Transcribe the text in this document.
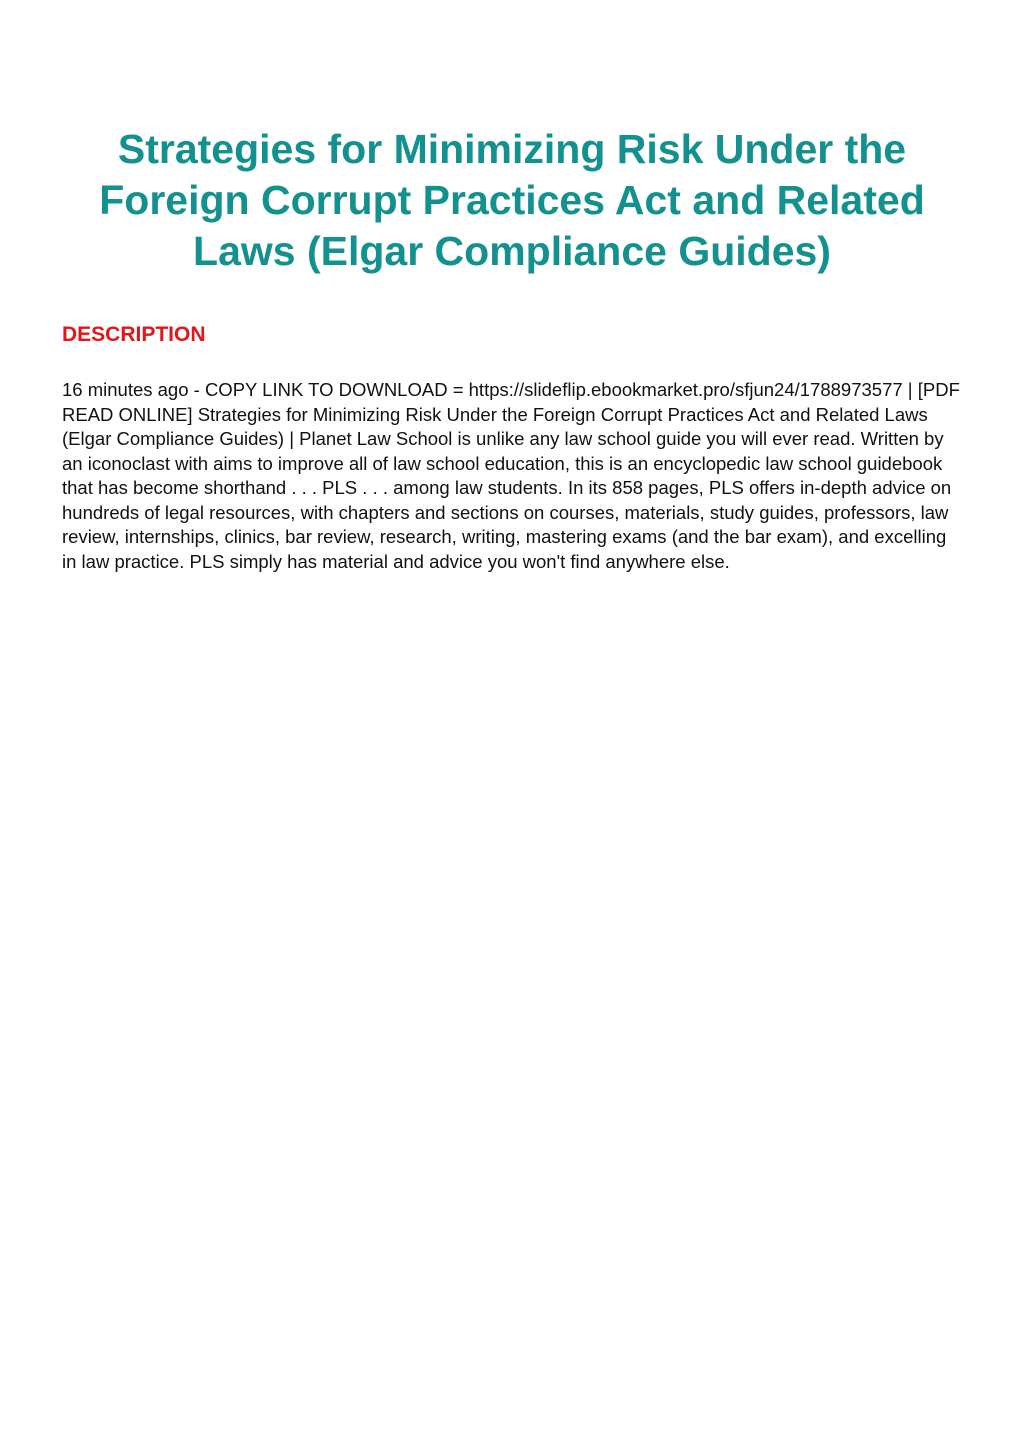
Strategies for Minimizing Risk Under the Foreign Corrupt Practices Act and Related Laws (Elgar Compliance Guides)
DESCRIPTION

16 minutes ago - COPY LINK TO DOWNLOAD = https://slideflip.ebookmarket.pro/sfjun24/1788973577 | [PDF READ ONLINE] Strategies for Minimizing Risk Under the Foreign Corrupt Practices Act and Related Laws (Elgar Compliance Guides) | Planet Law School is unlike any law school guide you will ever read. Written by an iconoclast with aims to improve all of law school education, this is an encyclopedic law school guidebook that has become shorthand . . . PLS . . . among law students. In its 858 pages, PLS offers in-depth advice on hundreds of legal resources, with chapters and sections on courses, materials, study guides, professors, law review, internships, clinics, bar review, research, writing, mastering exams (and the bar exam), and excelling in law practice. PLS simply has material and advice you won't find anywhere else.
